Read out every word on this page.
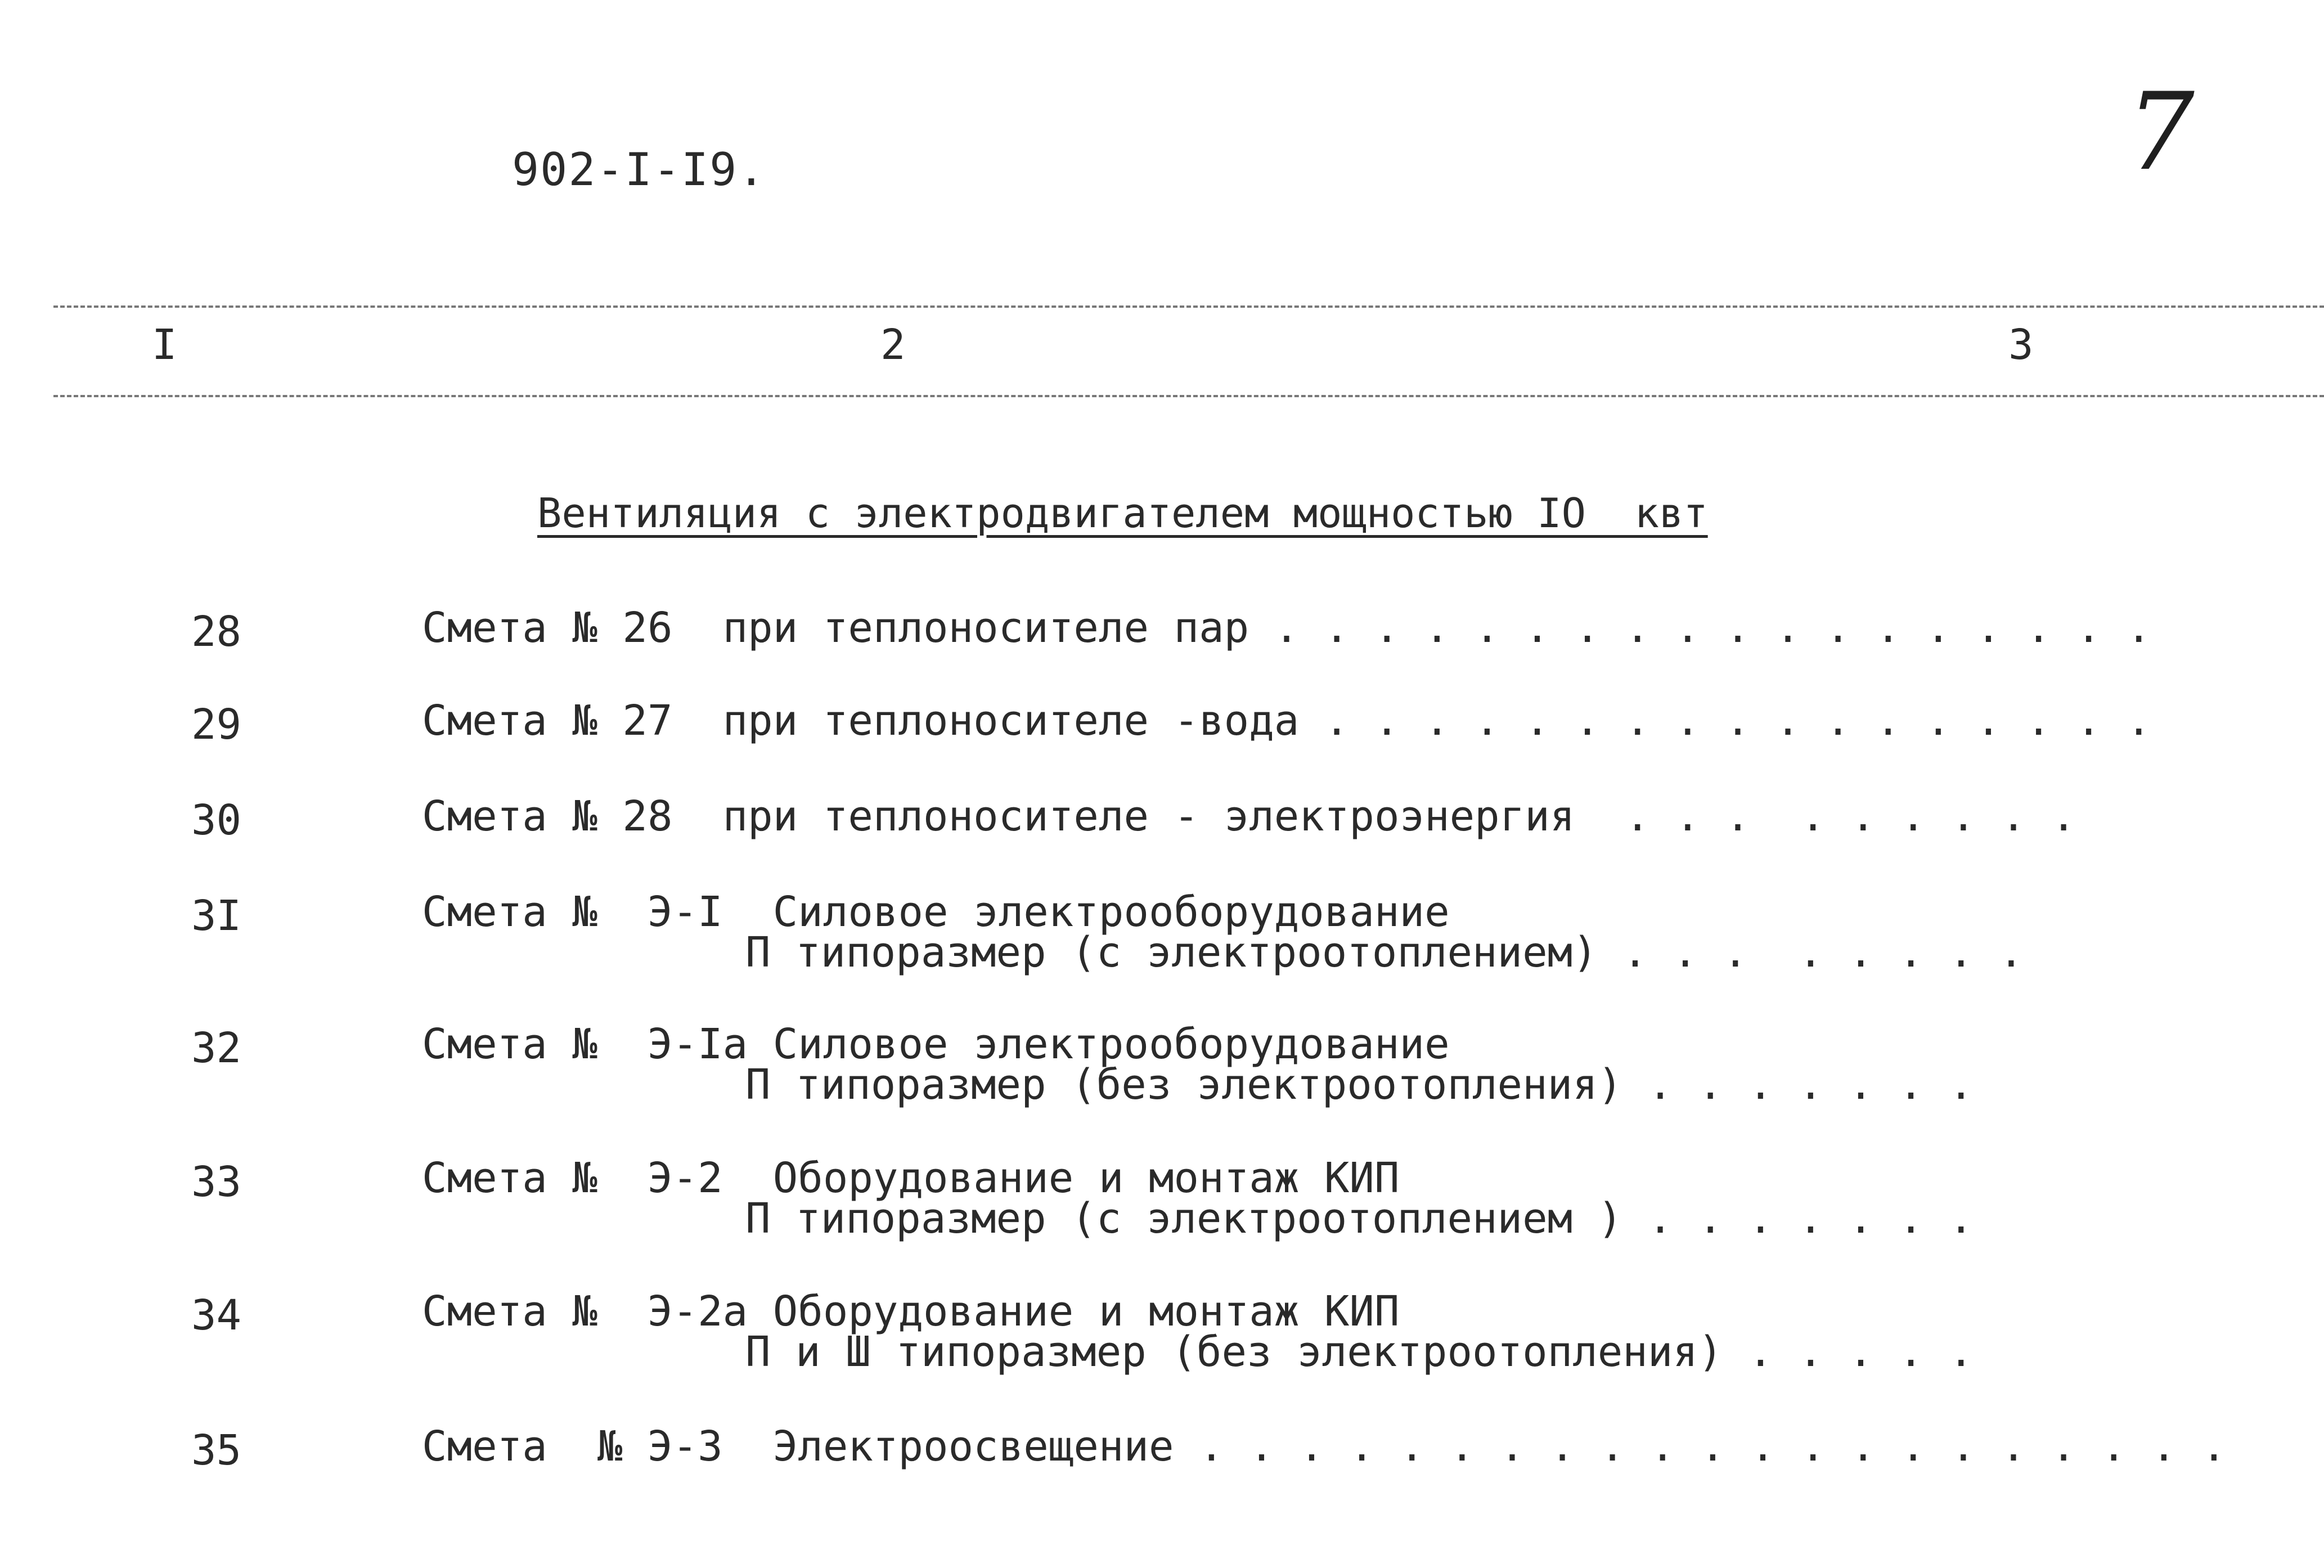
902-I-I9.	7
I	2	3
Вентиляция с электродвигателем мощностью IO  квт
28	Смета № 26  при теплоносителе пар . . . . . . . . . . . . . . . . . .
29	Смета № 27  при теплоносителе -вода . . . . . . . . . . . . . . . . .
30	Смета № 28  при теплоносителе - электроэнергия  . . .  . . . . . .
3I	Смета №  Э-I  Силовое электрооборудование
П типоразмер (с электроотоплением) . . .  . . . . .
32	Смета №  Э-Iа Силовое электрооборудование
П типоразмер (без электроотопления) . . . . . . .
33	Смета №  Э-2  Оборудование и монтаж КИП
П типоразмер (с электроотоплением ) . . . . . . .
34	Смета №  Э-2а Оборудование и монтаж КИП
П и Ш типоразмер (без электроотопления) . . . . .
35	Смета  № Э-3  Электроосвещение . . . . . . . . . . . . . . . . . . . . .
